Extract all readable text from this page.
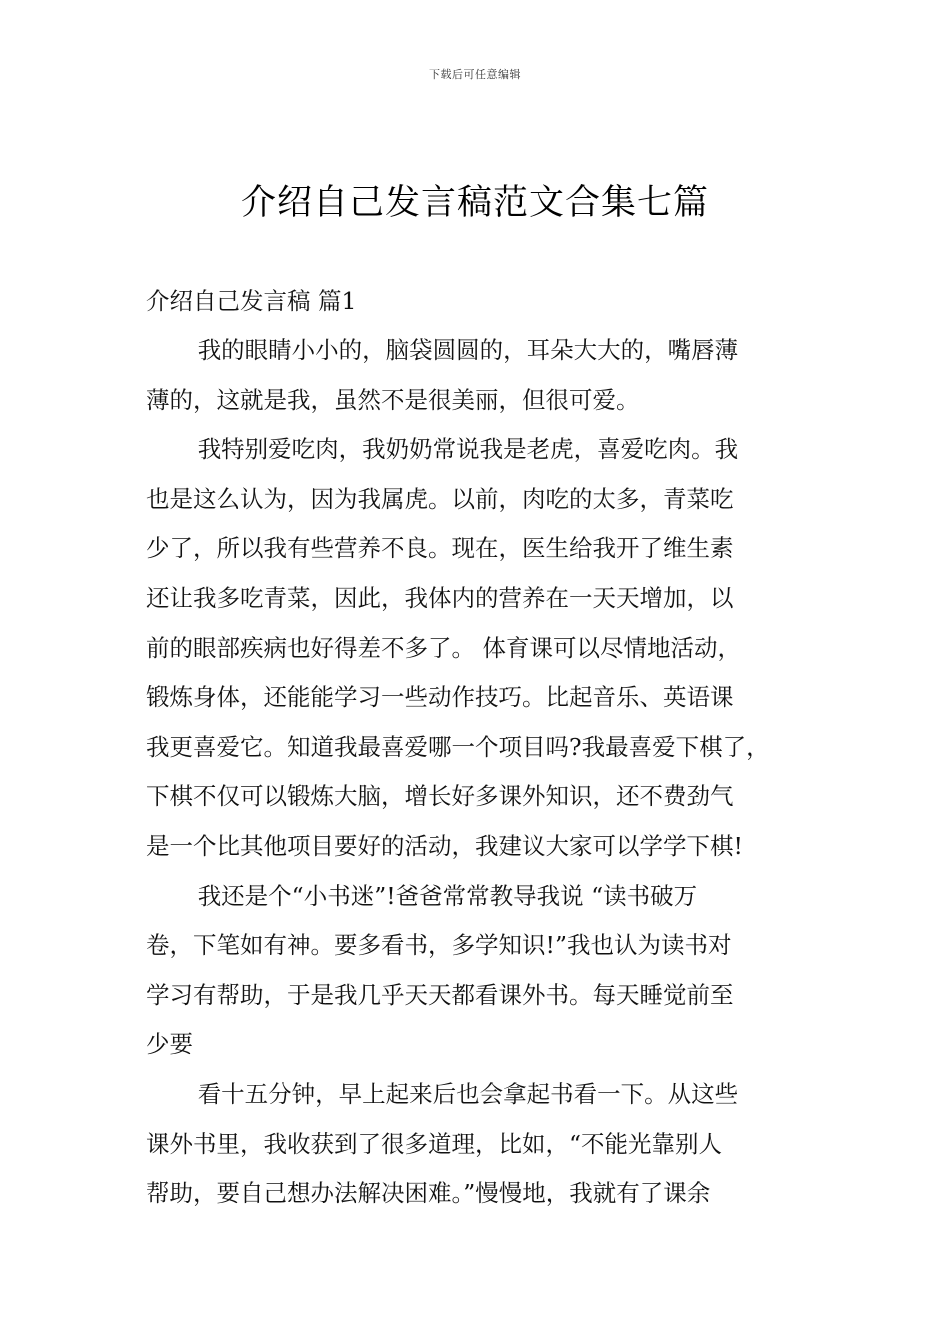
下载后可任意编辑
介绍自己发言稿范文合集七篇
介绍自己发言稿 篇1

我的眼睛小小的，脑袋圆圆的，耳朵大大的，嘴唇薄
薄的，这就是我，虽然不是很美丽，但很可爱。

我特别爱吃肉，我奶奶常说我是老虎，喜爱吃肉。我
也是这么认为，因为我属虎。以前，肉吃的太多，青菜吃
少了，所以我有些营养不良。现在，医生给我开了维生素
还让我多吃青菜，因此，我体内的营养在一天天增加，以
前的眼部疾病也好得差不多了。 体育课可以尽情地活动，
锻炼身体，还能能学习一些动作技巧。比起音乐、英语课
我更喜爱它。知道我最喜爱哪一个项目吗?我最喜爱下棋了，
下棋不仅可以锻炼大脑，增长好多课外知识，还不费劲气
是一个比其他项目要好的活动，我建议大家可以学学下棋!

我还是个“小书迷”!爸爸常常教导我说 “读书破万
卷，下笔如有神。要多看书，多学知识!”我也认为读书对
学习有帮助，于是我几乎天天都看课外书。每天睡觉前至
少要

看十五分钟，早上起来后也会拿起书看一下。从这些
课外书里，我收获到了很多道理，比如，“不能光靠别人
帮助，要自己想办法解决困难。”慢慢地，我就有了课余
